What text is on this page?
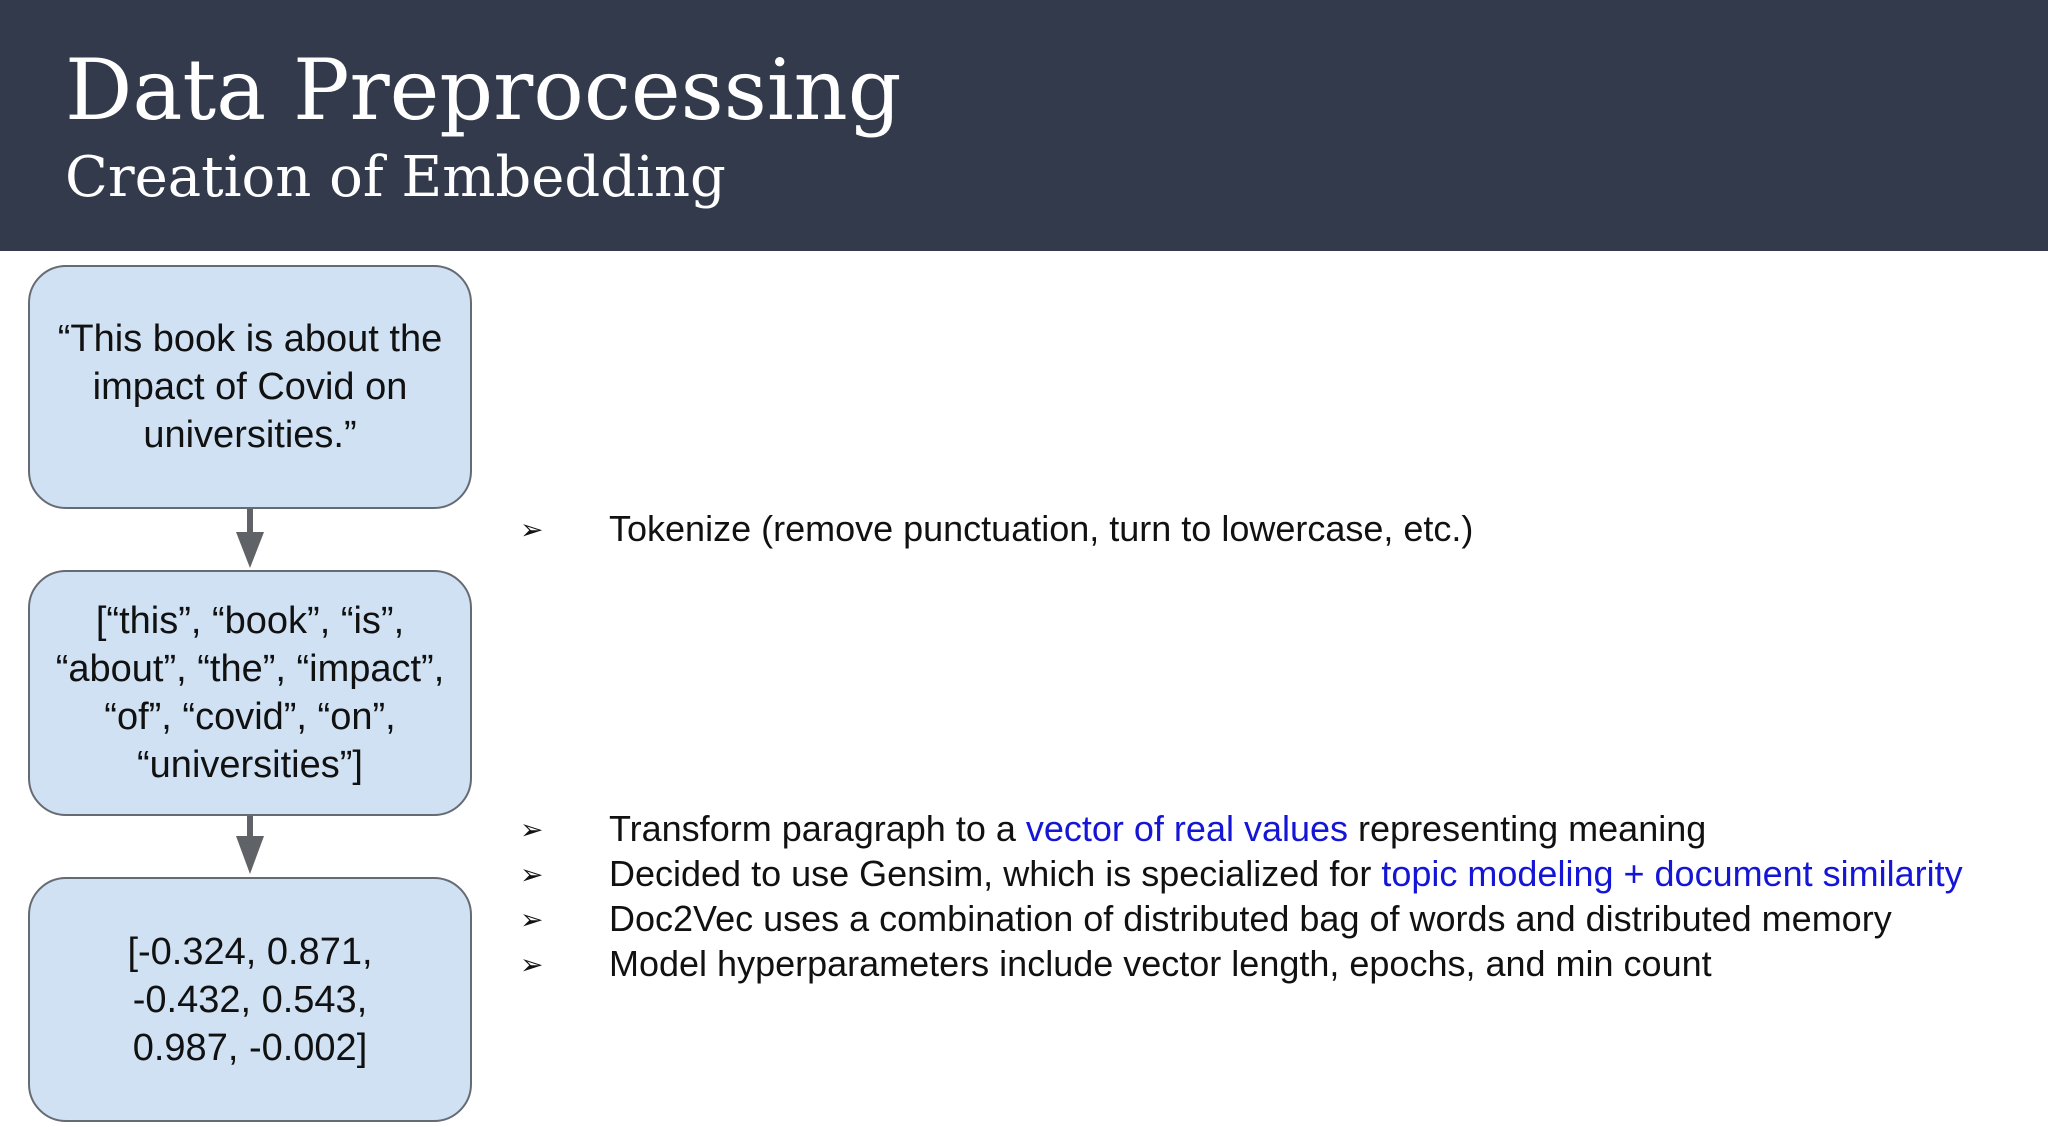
Data Preprocessing
Creation of Embedding
“This book is about the
impact of Covid on
universities.”
[“this”, “book”, “is”,
“about”, “the”, “impact”,
“of”, “covid”, “on”,
“universities”]
[-0.324, 0.871,
-0.432, 0.543,
0.987, -0.002]
➢	Tokenize (remove punctuation, turn to lowercase, etc.)
➢	Transform paragraph to a vector of real values representing meaning
➢	Decided to use Gensim, which is specialized for topic modeling + document similarity
➢	Doc2Vec uses a combination of distributed bag of words and distributed memory
➢	Model hyperparameters include vector length, epochs, and min count
